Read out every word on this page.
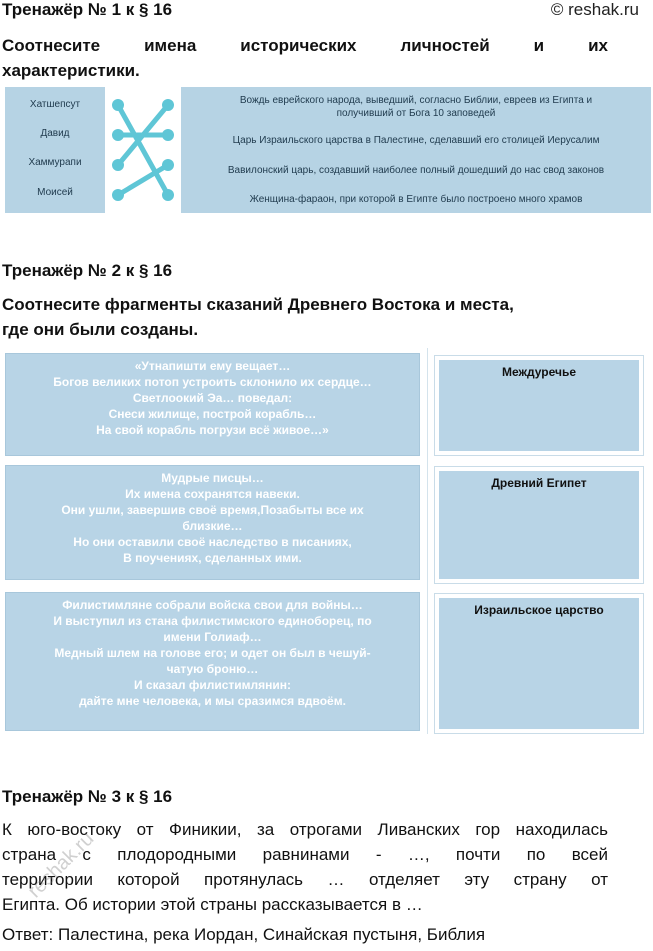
Тренажёр № 1 к § 16	© reshak.ru
Соотнесите имена исторических личностей и их
характеристики.
Хатшепсут
Давид
Хаммурапи
Моисей
Вождь еврейского народа, выведший, согласно Библии, евреев из Египта и
получивший от Бога 10 заповедей
Царь Израильского царства в Палестине, сделавший его столицей Иерусалим
Вавилонский царь, создавший наиболее полный дошедший до нас свод законов
Женщина-фараон, при которой в Египте было построено много храмов
Тренажёр № 2 к § 16
Соотнесите фрагменты сказаний Древнего Востока и места,
где они были созданы.
«Утнапишти ему вещает…
Богов великих потоп устроить склонило их сердце…
Светлоокий Эа… поведал:
Снеси жилище, построй корабль…
На свой корабль погрузи всё живое…»
Мудрые писцы…
Их имена сохранятся навеки.
Они ушли, завершив своё время,Позабыты все их
близкие…
Но они оставили своё наследство в писаниях,
В поучениях, сделанных ими.
Филистимляне собрали войска свои для войны…
И выступил из стана филистимского единоборец, по
имени Голиаф…
Медный шлем на голове его; и одет он был в чешуй-
чатую броню…
И сказал филистимлянин:
дайте мне человека, и мы сразимся вдвоём.
Междуречье
Древний Египет
Израильское царство
Тренажёр № 3 к § 16
К юго-востоку от Финикии, за отрогами Ливанских гор находилась
страна с плодородными равнинами - …, почти по всей
территории которой протянулась … отделяет эту страну от
Египта. Об истории этой страны рассказывается в …
Ответ: Палестина, река Иордан, Синайская пустыня, Библия
reshak.ru
